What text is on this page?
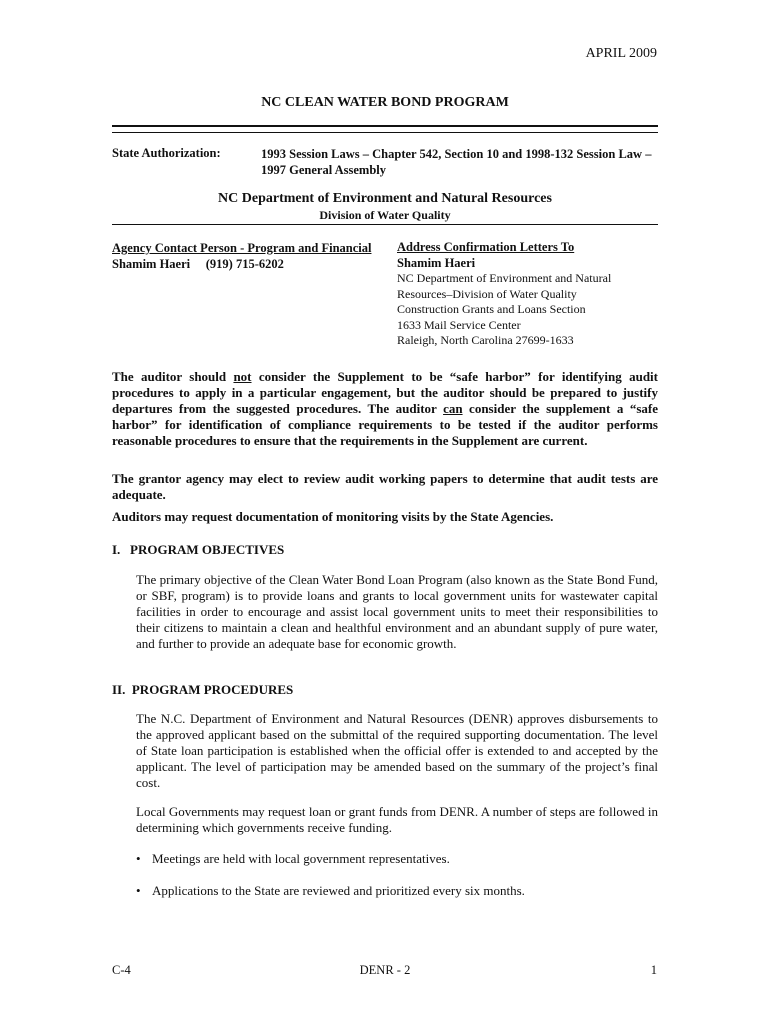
APRIL 2009
NC CLEAN WATER BOND PROGRAM
State Authorization:	1993 Session Laws – Chapter 542, Section 10 and 1998-132 Session Law – 1997 General Assembly
NC Department of Environment and Natural Resources
Division of Water Quality
Agency Contact Person - Program and Financial
Shamim Haeri     (919) 715-6202
Address Confirmation Letters To
Shamim Haeri
NC Department of Environment and Natural
Resources–Division of Water Quality
Construction Grants and Loans Section
1633 Mail Service Center
Raleigh, North Carolina 27699-1633
The auditor should not consider the Supplement to be “safe harbor” for identifying audit procedures to apply in a particular engagement, but the auditor should be prepared to justify departures from the suggested procedures. The auditor can consider the supplement a “safe harbor” for identification of compliance requirements to be tested if the auditor performs reasonable procedures to ensure that the requirements in the Supplement are current.
The grantor agency may elect to review audit working papers to determine that audit tests are adequate.
Auditors may request documentation of monitoring visits by the State Agencies.
I.   PROGRAM OBJECTIVES
The primary objective of the Clean Water Bond Loan Program (also known as the State Bond Fund, or SBF, program) is to provide loans and grants to local government units for wastewater capital facilities in order to encourage and assist local government units to meet their responsibilities to their citizens to maintain a clean and healthful environment and an abundant supply of pure water, and further to provide an adequate base for economic growth.
II.  PROGRAM PROCEDURES
The N.C. Department of Environment and Natural Resources (DENR) approves disbursements to the approved applicant based on the submittal of the required supporting documentation. The level of State loan participation is established when the official offer is extended to and accepted by the applicant. The level of participation may be amended based on the summary of the project’s final cost.
Local Governments may request loan or grant funds from DENR. A number of steps are followed in determining which governments receive funding.
• Meetings are held with local government representatives.
• Applications to the State are reviewed and prioritized every six months.
C-4	DENR - 2	1
